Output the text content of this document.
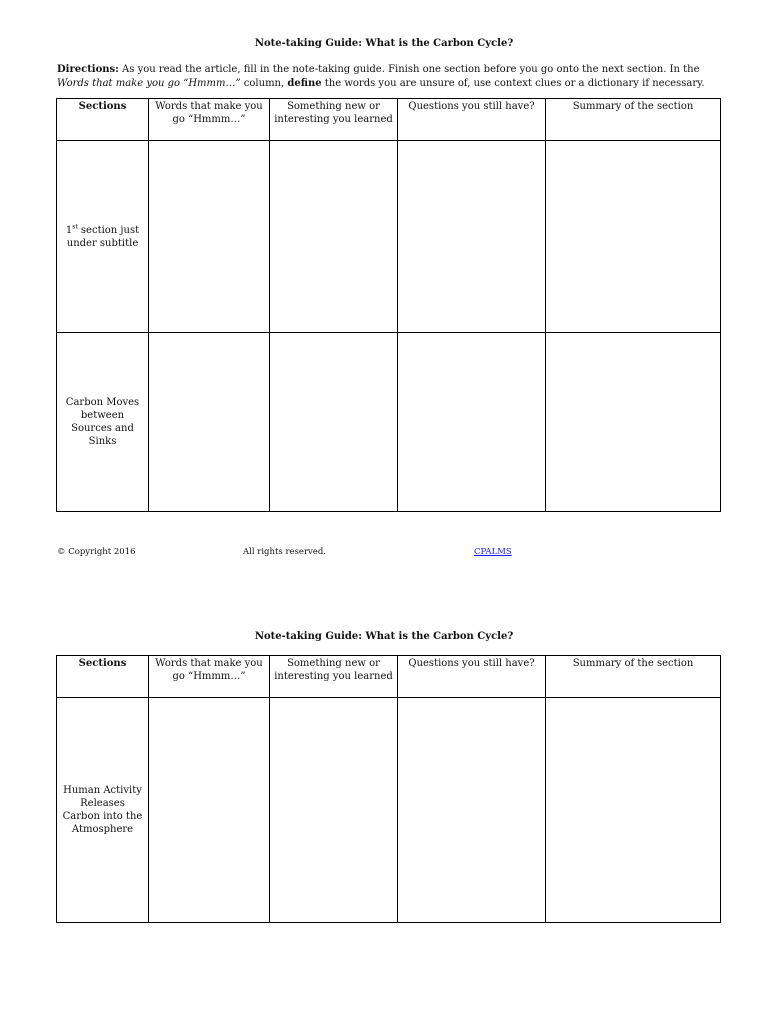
Note-taking Guide: What is the Carbon Cycle?
Directions: As you read the article, fill in the note-taking guide. Finish one section before you go onto the next section. In the Words that make you go “Hmmm…” column, define the words you are unsure of, use context clues or a dictionary if necessary.
Sections	Words that make you go “Hmmm…”	Something new or interesting you learned	Questions you still have?	Summary of the section
1st section just under subtitle				
Carbon Moves between Sources and Sinks				
© Copyright 2016	All rights reserved.	CPALMS
Note-taking Guide: What is the Carbon Cycle?
Sections	Words that make you go “Hmmm…”	Something new or interesting you learned	Questions you still have?	Summary of the section
Human Activity Releases Carbon into the Atmosphere				
